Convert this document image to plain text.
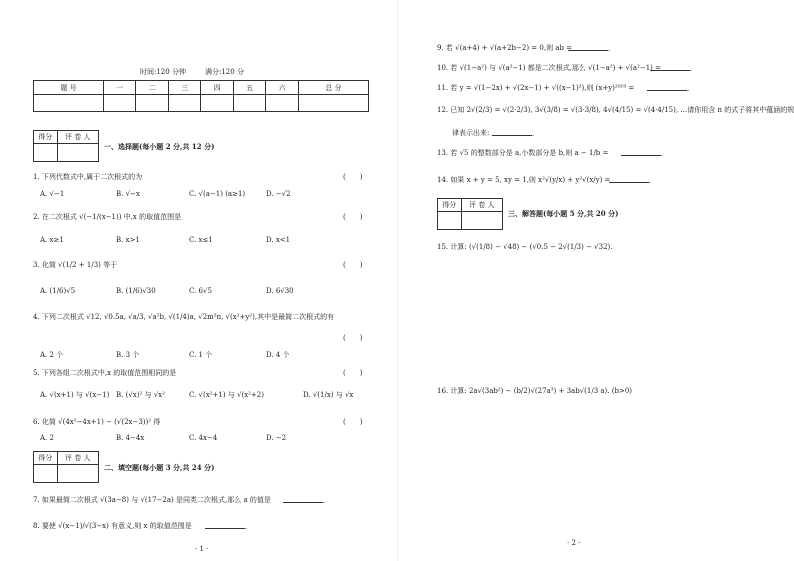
时间:120 分钟	满分:120 分
题 号	一	二	三	四	五	六	总 分

得分	评 卷 人

一、选择题(每小题 2 分,共 12 分)
1. 下列代数式中,属于二次根式的为	(　　)
A. √−1	B. √−x	C. √(a−1) (a≥1)	D. −√2
2. 在二次根式 √(−1/(x−1)) 中,x 的取值范围是	(　　)
A. x≥1	B. x>1	C. x≤1	D. x<1
3. 化简 √(1/2 + 1/3) 等于	(　　)
A. (1/6)√5	B. (1/6)√30	C. 6√5	D. 6√30
4. 下列二次根式 √12, √0.5a, √a/3, √a²b, √(1/4)a, √2m²n, √(x²+y²),其中是最简二次根式的有
(　　)
A. 2 个	B. 3 个	C. 1 个	D. 4 个
5. 下列各组二次根式中,x 的取值范围相同的是	(　　)
A. √(x+1) 与 √(x−1) B. (√x)² 与 √x²	C. √(x²+1) 与 √(x²+2)	D. √(1/x) 与 √x
6. 化简 √(4x²−4x+1) − (√(2x−3))² 得	(　　)
A. 2	B. 4−4x	C. 4x−4	D. −2
得分	评 卷 人

二、填空题(每小题 3 分,共 24 分)
7. 如果最简二次根式 √(3a−8) 与 √(17−2a) 是同类二次根式,那么 a 的值是	.
8. 要使 √(x−1)/√(3−x) 有意义,则 x 的取值范围是	.
· 1 ·
9. 若 √(a+4) + √(a+2b−2) = 0,则 ab =	.
10. 若 √(1−a²) 与 √(a²−1) 都是二次根式,那么 √(1−a²) + √(a²−1) =	.
11. 若 y = √(1−2x) + √(2x−1) + √((x−1)²),则 (x+y)²⁰¹⁹ =	.
12. 已知 2√(2/3) = √(2·2/3), 3√(3/8) = √(3·3/8), 4√(4/15) = √(4·4/15), …请你用含 n 的式子将其中蕴涵的规
律表示出来:	.
13. 若 √5 的整数部分是 a,小数部分是 b,则 a − 1/b =	.
14. 如果 x + y = 5, xy = 1,则 x²√(y/x) + y²√(x/y) =	.
得分	评 卷 人

三、解答题(每小题 5 分,共 20 分)
15. 计算: (√(1/8) − √48) − (√0.5 − 2√(1/3) − √32).
16. 计算: 2a√(3ab²) − (b/2)√(27a³) + 3ab√(1/3 a). (b>0)
· 2 ·
